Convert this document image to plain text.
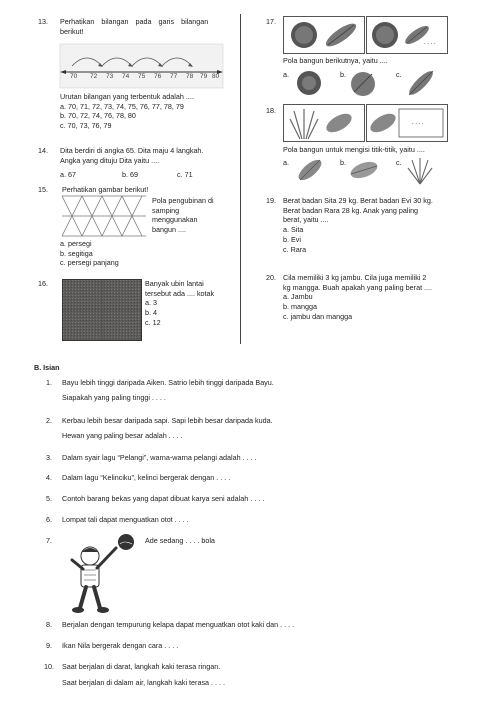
13. Perhatikan bilangan pada garis bilangan
berikut!
70 72 73 74 75 76 77 78 79 80
Urutan bilangan yang terbentuk adalah ....
a. 70, 71, 72, 73, 74, 75, 76, 77, 78, 79
b. 70, 72, 74, 76, 78, 80
c. 70, 73, 76, 79
14. Dita berdiri di angka 65. Dita maju 4 langkah.
Angka yang dituju Dita yaitu ....
a. 67	b. 69	c. 71
15. Perhatikan gambar berikut!
Pola pengubinan di
samping
menggunakan
bangun ....
a. persegi
b. segitiga
c. persegi panjang
16.	Banyak ubin lantai
tersebut ada .... kotak
a. 3
b. 4
c. 12
17.
. . . .
Pola bangun berikutnya, yaitu ....
a.	b.	c.
18.
. . . .
Pola bangun untuk mengisi titik-titik, yaitu ....
a.	b.	c.
19. Berat badan Sita 29 kg. Berat badan Evi 30 kg.
Berat badan Rara 28 kg. Anak yang paling
berat, yaitu ....
a. Sita
b. Evi
c. Rara
20. Cila memiliki 3 kg jambu. Cila juga memiliki 2
kg mangga. Buah apakah yang paling berat ....
a. Jambu
b. mangga
c. jambu dan mangga
B. Isian
1. Bayu lebih tinggi daripada Aiken. Satrio lebih tinggi daripada Bayu.
Siapakah yang paling tinggi . . . .
2. Kerbau lebih besar daripada sapi. Sapi lebih besar daripada kuda.
Hewan yang paling besar adalah . . . .
3. Dalam syair lagu “Pelangi”, warna-warna pelangi adalah . . . .
4. Dalam lagu “Kelinciku”, kelinci bergerak dengan . . . .
5. Contoh barang bekas yang dapat dibuat karya seni adalah . . . .
6. Lompat tali dapat menguatkan otot . . . .
7.	Ade sedang . . . . bola
8. Berjalan dengan tempurung kelapa dapat menguatkan otot kaki dan . . . .
9. Ikan Nila bergerak dengan cara . . . .
10. Saat berjalan di darat, langkah kaki terasa ringan.
Saat berjalan di dalam air, langkah kaki terasa . . . .
